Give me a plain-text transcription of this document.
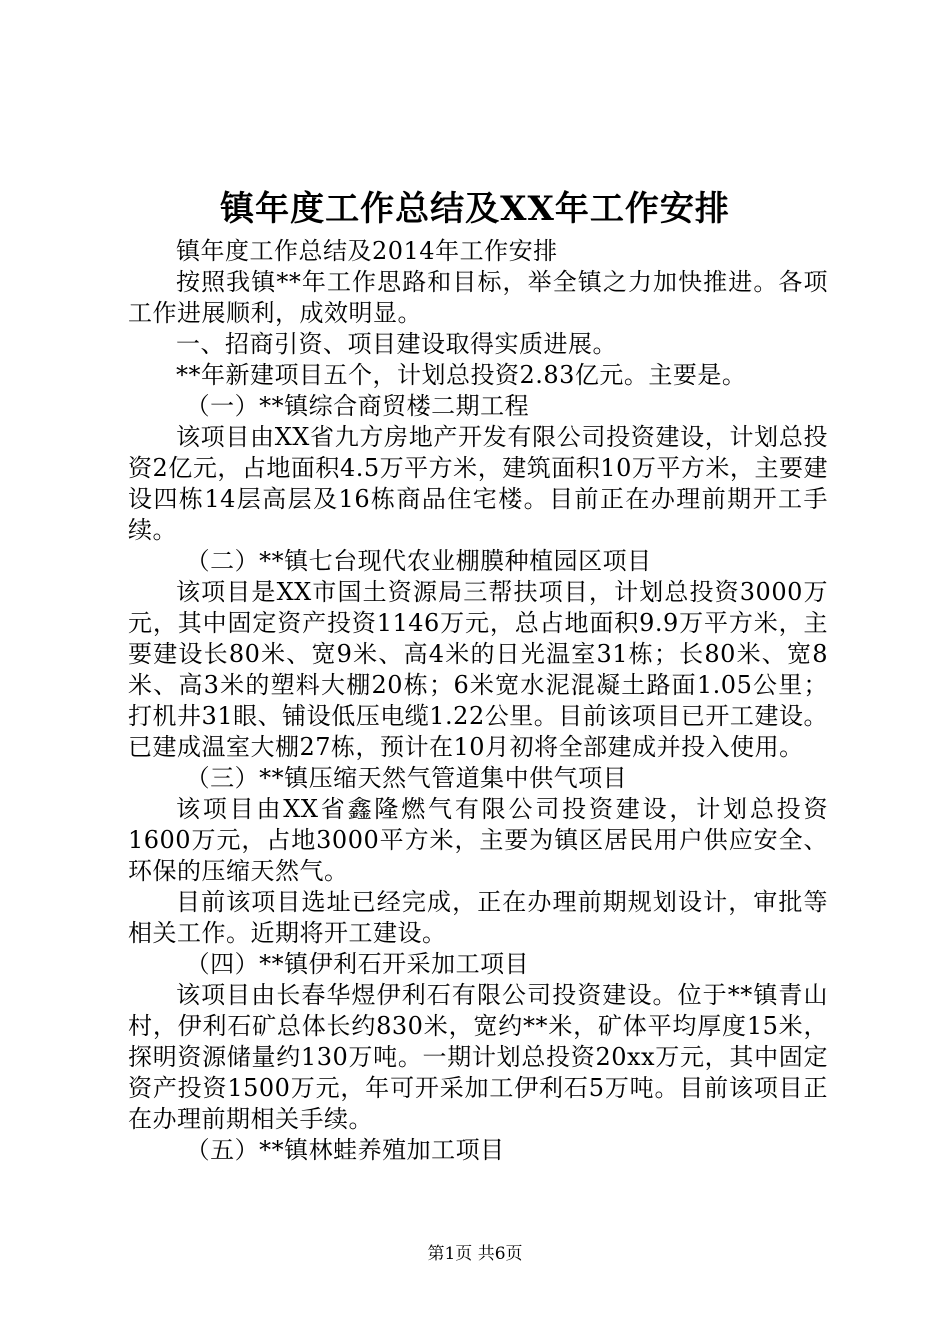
镇年度工作总结及XX年工作安排

镇年度工作总结及2014年工作安排

按照我镇**年工作思路和目标，举全镇之力加快推进。各项工作进展顺利，成效明显。

一、招商引资、项目建设取得实质进展。

**年新建项目五个，计划总投资2.83亿元。主要是。

（一）**镇综合商贸楼二期工程

该项目由XX省九方房地产开发有限公司投资建设，计划总投资2亿元，占地面积4.5万平方米，建筑面积10万平方米，主要建设四栋14层高层及16栋商品住宅楼。目前正在办理前期开工手续。

（二）**镇七台现代农业棚膜种植园区项目

该项目是XX市国土资源局三帮扶项目，计划总投资3000万元，其中固定资产投资1146万元，总占地面积9.9万平方米，主要建设长80米、宽9米、高4米的日光温室31栋；长80米、宽8米、高3米的塑料大棚20栋；6米宽水泥混凝土路面1.05公里；打机井31眼、铺设低压电缆1.22公里。目前该项目已开工建设。已建成温室大棚27栋，预计在10月初将全部建成并投入使用。

（三）**镇压缩天然气管道集中供气项目

该项目由XX省鑫隆燃气有限公司投资建设，计划总投资1600万元，占地3000平方米，主要为镇区居民用户供应安全、环保的压缩天然气。

目前该项目选址已经完成，正在办理前期规划设计，审批等相关工作。近期将开工建设。

（四）**镇伊利石开采加工项目

该项目由长春华煜伊利石有限公司投资建设。位于**镇青山村，伊利石矿总体长约830米，宽约**米，矿体平均厚度15米，探明资源储量约130万吨。一期计划总投资20xx万元，其中固定资产投资1500万元，年可开采加工伊利石5万吨。目前该项目正在办理前期相关手续。

（五）**镇林蛙养殖加工项目

第1页 共6页
